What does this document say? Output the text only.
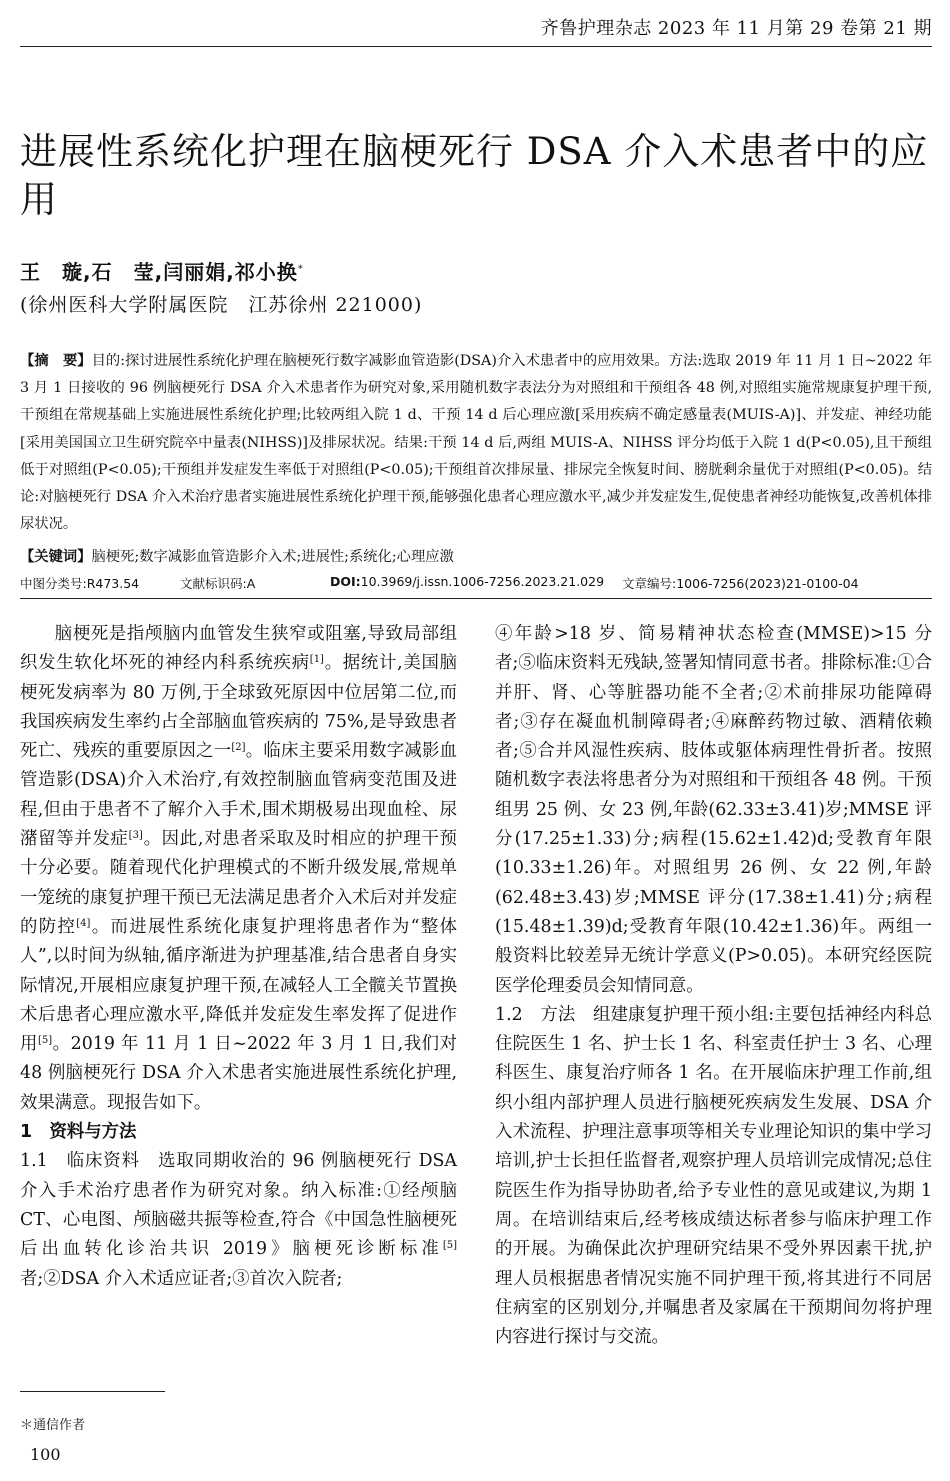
齐鲁护理杂志 2023 年 11 月第 29 卷第 21 期
进展性系统化护理在脑梗死行 DSA 介入术患者中的应用
王　璇,石　莹,闫丽娟,祁小换*
(徐州医科大学附属医院　江苏徐州 221000)

【摘　要】目的:探讨进展性系统化护理在脑梗死行数字减影血管造影(DSA)介入术患者中的应用效果。方法:选取 2019 年 11 月 1 日~2022 年 3 月 1 日接收的 96 例脑梗死行 DSA 介入术患者作为研究对象,采用随机数字表法分为对照组和干预组各 48 例,对照组实施常规康复护理干预,干预组在常规基础上实施进展性系统化护理;比较两组入院 1 d、干预 14 d 后心理应激[采用疾病不确定感量表(MUIS-A)]、并发症、神经功能[采用美国国立卫生研究院卒中量表(NIHSS)]及排尿状况。结果:干预 14 d 后,两组 MUIS-A、NIHSS 评分均低于入院 1 d(P<0.05),且干预组低于对照组(P<0.05);干预组并发症发生率低于对照组(P<0.05);干预组首次排尿量、排尿完全恢复时间、膀胱剩余量优于对照组(P<0.05)。结论:对脑梗死行 DSA 介入术治疗患者实施进展性系统化护理干预,能够强化患者心理应激水平,减少并发症发生,促使患者神经功能恢复,改善机体排尿状况。

【关键词】脑梗死;数字减影血管造影介入术;进展性;系统化;心理应激
中图分类号:R473.54	文献标识码:A	DOI:10.3969/j.issn.1006-7256.2023.21.029 文章编号:1006-7256(2023)21-0100-04

脑梗死是指颅脑内血管发生狭窄或阻塞,导致局部组织发生软化坏死的神经内科系统疾病[1]。据统计,美国脑梗死发病率为 80 万例,于全球致死原因中位居第二位,而我国疾病发生率约占全部脑血管疾病的 75%,是导致患者死亡、残疾的重要原因之一[2]。临床主要采用数字减影血管造影(DSA)介入术治疗,有效控制脑血管病变范围及进程,但由于患者不了解介入手术,围术期极易出现血栓、尿潴留等并发症[3]。因此,对患者采取及时相应的护理干预十分必要。随着现代化护理模式的不断升级发展,常规单一笼统的康复护理干预已无法满足患者介入术后对并发症的防控[4]。而进展性系统化康复护理将患者作为“整体人”,以时间为纵轴,循序渐进为护理基准,结合患者自身实际情况,开展相应康复护理干预,在减轻人工全髋关节置换术后患者心理应激水平,降低并发症发生率发挥了促进作用[5]。2019 年 11 月 1 日~2022 年 3 月 1 日,我们对 48 例脑梗死行 DSA 介入术患者实施进展性系统化护理,效果满意。现报告如下。

1　资料与方法

1.1　临床资料　选取同期收治的 96 例脑梗死行 DSA 介入手术治疗患者作为研究对象。纳入标准:①经颅脑 CT、心电图、颅脑磁共振等检查,符合《中国急性脑梗死后出血转化诊治共识 2019》脑梗死诊断标准[5]者;②DSA 介入术适应证者;③首次入院者;

④年龄>18 岁、简易精神状态检查(MMSE)>15 分者;⑤临床资料无残缺,签署知情同意书者。排除标准:①合并肝、肾、心等脏器功能不全者;②术前排尿功能障碍者;③存在凝血机制障碍者;④麻醉药物过敏、酒精依赖者;⑤合并风湿性疾病、肢体或躯体病理性骨折者。按照随机数字表法将患者分为对照组和干预组各 48 例。干预组男 25 例、女 23 例,年龄(62.33±3.41)岁;MMSE 评分(17.25±1.33)分;病程(15.62±1.42)d;受教育年限(10.33±1.26)年。对照组男 26 例、女 22 例,年龄(62.48±3.43)岁;MMSE 评分(17.38±1.41)分;病程(15.48±1.39)d;受教育年限(10.42±1.36)年。两组一般资料比较差异无统计学意义(P>0.05)。本研究经医院医学伦理委员会知情同意。

1.2　方法　组建康复护理干预小组:主要包括神经内科总住院医生 1 名、护士长 1 名、科室责任护士 3 名、心理科医生、康复治疗师各 1 名。在开展临床护理工作前,组织小组内部护理人员进行脑梗死疾病发生发展、DSA 介入术流程、护理注意事项等相关专业理论知识的集中学习培训,护士长担任监督者,观察护理人员培训完成情况;总住院医生作为指导协助者,给予专业性的意见或建议,为期 1 周。在培训结束后,经考核成绩达标者参与临床护理工作的开展。为确保此次护理研究结果不受外界因素干扰,护理人员根据患者情况实施不同护理干预,将其进行不同居住病室的区别划分,并嘱患者及家属在干预期间勿将护理内容进行探讨与交流。

＊通信作者
100
